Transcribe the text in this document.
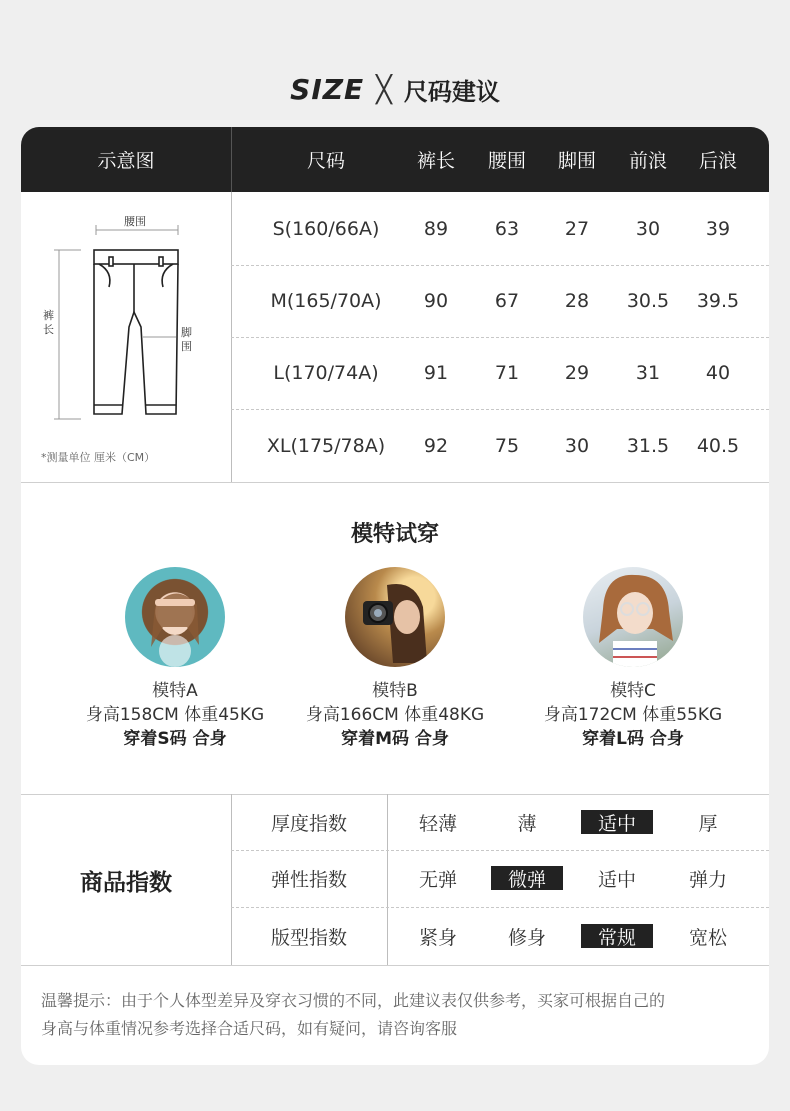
SIZE ╳ 尺码建议
示意图	尺码	裤长	腰围	脚围	前浪	后浪
腰围
裤
长	脚
围
*测量单位 厘米（CM）
S(160/66A)	89	63	27	30	39
M(165/70A)	90	67	28	30.5	39.5
L(170/74A)	91	71	29	31	40
XL(175/78A)	92	75	30	31.5	40.5
模特试穿
模特A
身高158CM 体重45KG
穿着S码 合身
模特B
身高166CM 体重48KG
穿着M码 合身
模特C
身高172CM 体重55KG
穿着L码 合身
商品指数
厚度指数	轻薄	薄	适中	厚
弹性指数	无弹	微弹	适中	弹力
版型指数	紧身	修身	常规	宽松
温馨提示：由于个人体型差异及穿衣习惯的不同，此建议表仅供参考，买家可根据自己的
身高与体重情况参考选择合适尺码，如有疑问，请咨询客服
